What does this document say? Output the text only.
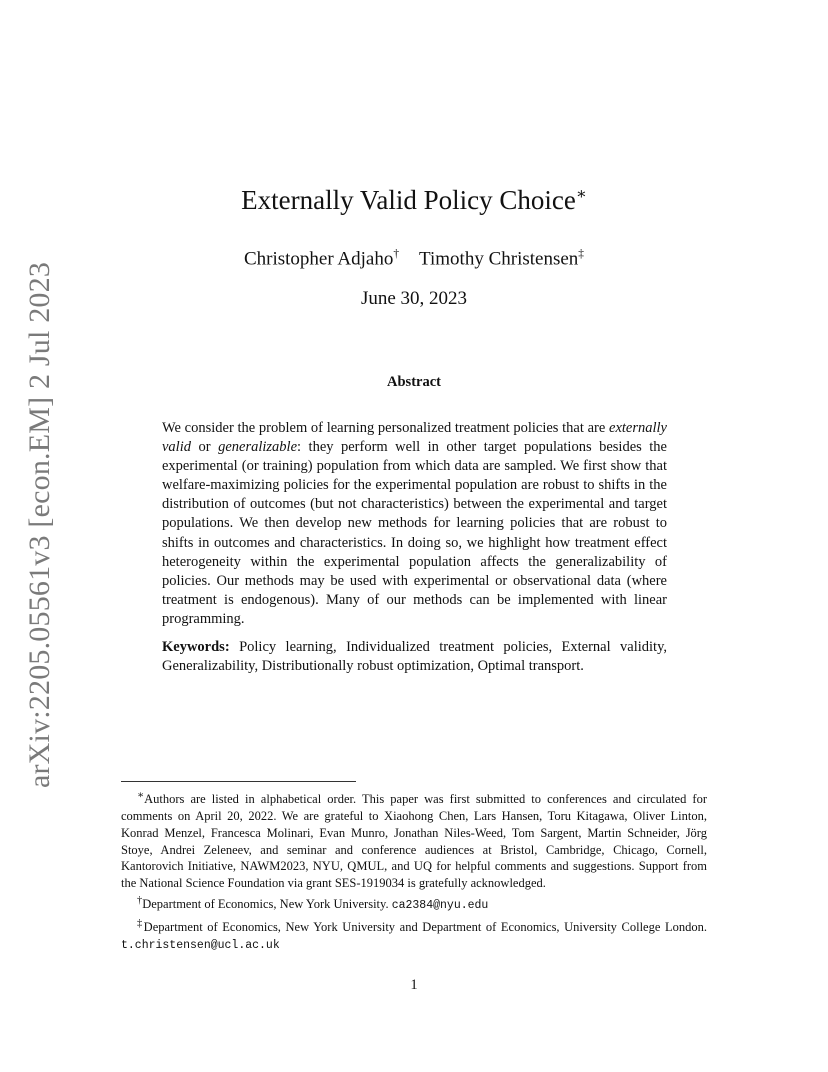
arXiv:2205.05561v3 [econ.EM] 2 Jul 2023
Externally Valid Policy Choice∗
Christopher Adjaho† Timothy Christensen‡
June 30, 2023
Abstract

We consider the problem of learning personalized treatment policies that are externally valid or generalizable: they perform well in other target populations besides the experimental (or training) population from which data are sampled. We first show that welfare-maximizing policies for the experimental population are robust to shifts in the distribution of outcomes (but not characteristics) between the experimental and target populations. We then develop new methods for learning policies that are robust to shifts in outcomes and characteristics. In doing so, we highlight how treatment effect heterogeneity within the experimental population affects the generalizability of policies. Our methods may be used with experimental or observational data (where treatment is endogenous). Many of our methods can be implemented with linear programming.

Keywords: Policy learning, Individualized treatment policies, External validity, Generalizability, Distributionally robust optimization, Optimal transport.

∗Authors are listed in alphabetical order. This paper was first submitted to conferences and circulated for comments on April 20, 2022. We are grateful to Xiaohong Chen, Lars Hansen, Toru Kitagawa, Oliver Linton, Konrad Menzel, Francesca Molinari, Evan Munro, Jonathan Niles-Weed, Tom Sargent, Martin Schneider, Jörg Stoye, Andrei Zeleneev, and seminar and conference audiences at Bristol, Cambridge, Chicago, Cornell, Kantorovich Initiative, NAWM2023, NYU, QMUL, and UQ for helpful comments and suggestions. Support from the National Science Foundation via grant SES-1919034 is gratefully acknowledged.

†Department of Economics, New York University. ca2384@nyu.edu

‡Department of Economics, New York University and Department of Economics, University College London. t.christensen@ucl.ac.uk

1
